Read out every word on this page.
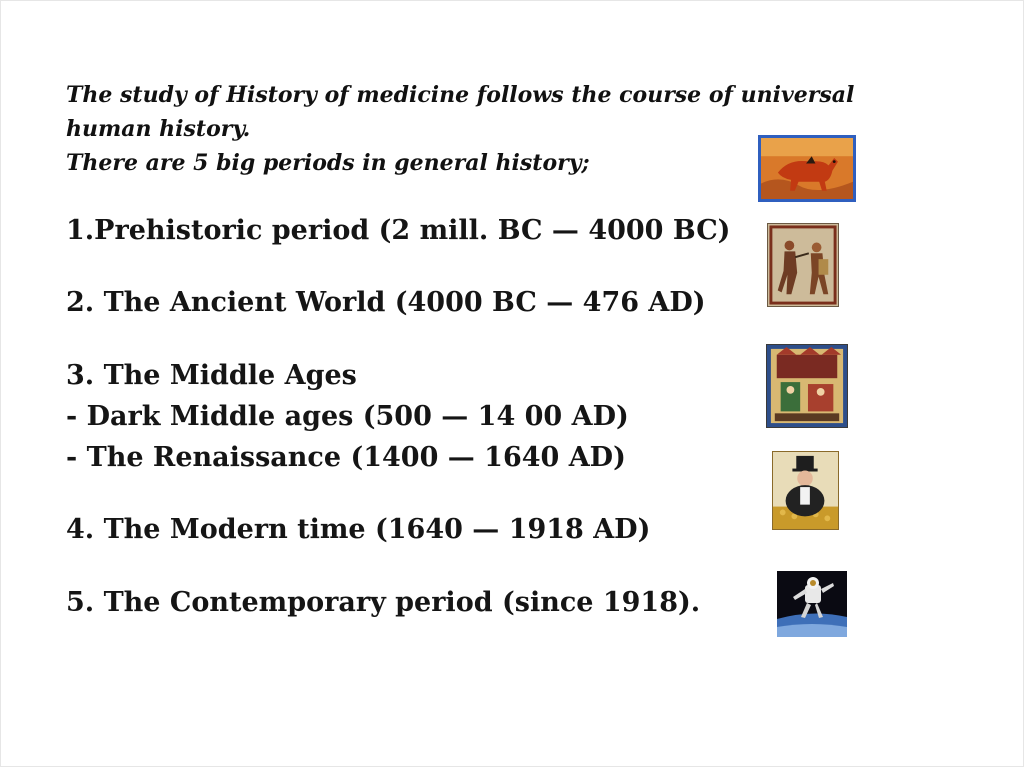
The study of History of medicine follows the course of universal
human history.
There are 5 big periods in general history;
1.Prehistoric period (2 mill. BC — 4000 BC)
2. The Ancient World (4000 BC — 476 AD)
3. The Middle Ages
- Dark Middle ages (500 — 14 00 AD)
- The Renaissance (1400 — 1640 AD)
4. The Modern time (1640 — 1918 AD)
5. The Contemporary period (since 1918).
